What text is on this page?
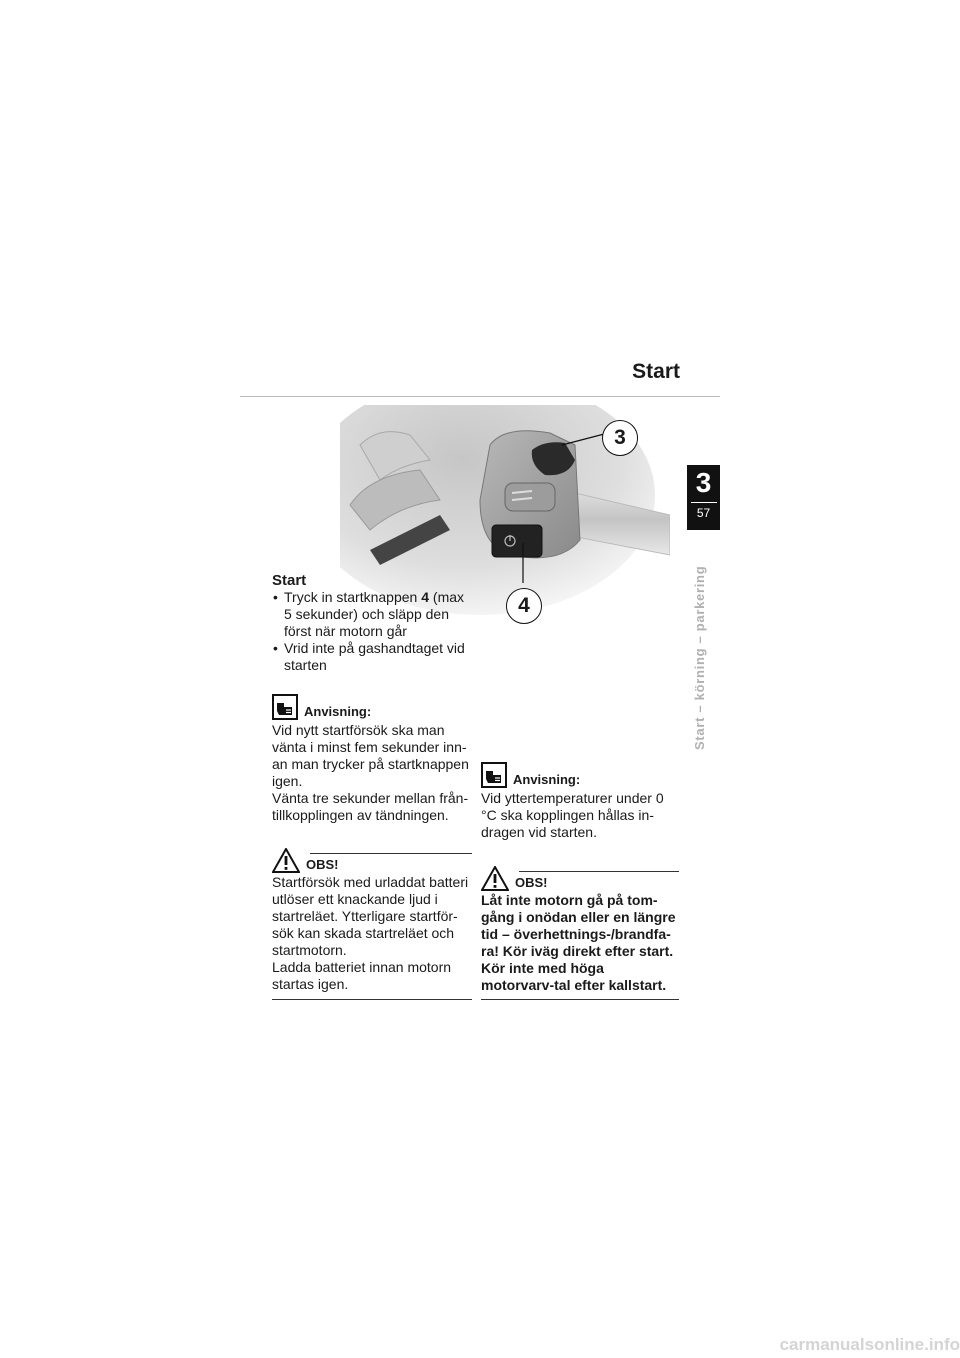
Start
3
57
Start – körning – parkering
3
4

Start

• Tryck in startknappen 4 (max 5 sekunder) och släpp den först när motorn går
• Vrid inte på gashandtaget vid starten
Anvisning:

Vid nytt startförsök ska man vänta i minst fem sekunder inn-an man trycker på startknappen igen.

Vänta tre sekunder mellan från-tillkopplingen av tändningen.

OBS!

Startförsök med urladdat batteri utlöser ett knackande ljud i startreläet. Ytterligare startför-sök kan skada startreläet och startmotorn.

Ladda batteriet innan motorn startas igen.

Anvisning:

Vid yttertemperaturer under 0 °C ska kopplingen hållas in-dragen vid starten.

OBS!

Låt inte motorn gå på tom-gång i onödan eller en längre tid – överhettnings-/brandfa-ra! Kör iväg direkt efter start. Kör inte med höga motorvarv-tal efter kallstart.

carmanualsonline.info
